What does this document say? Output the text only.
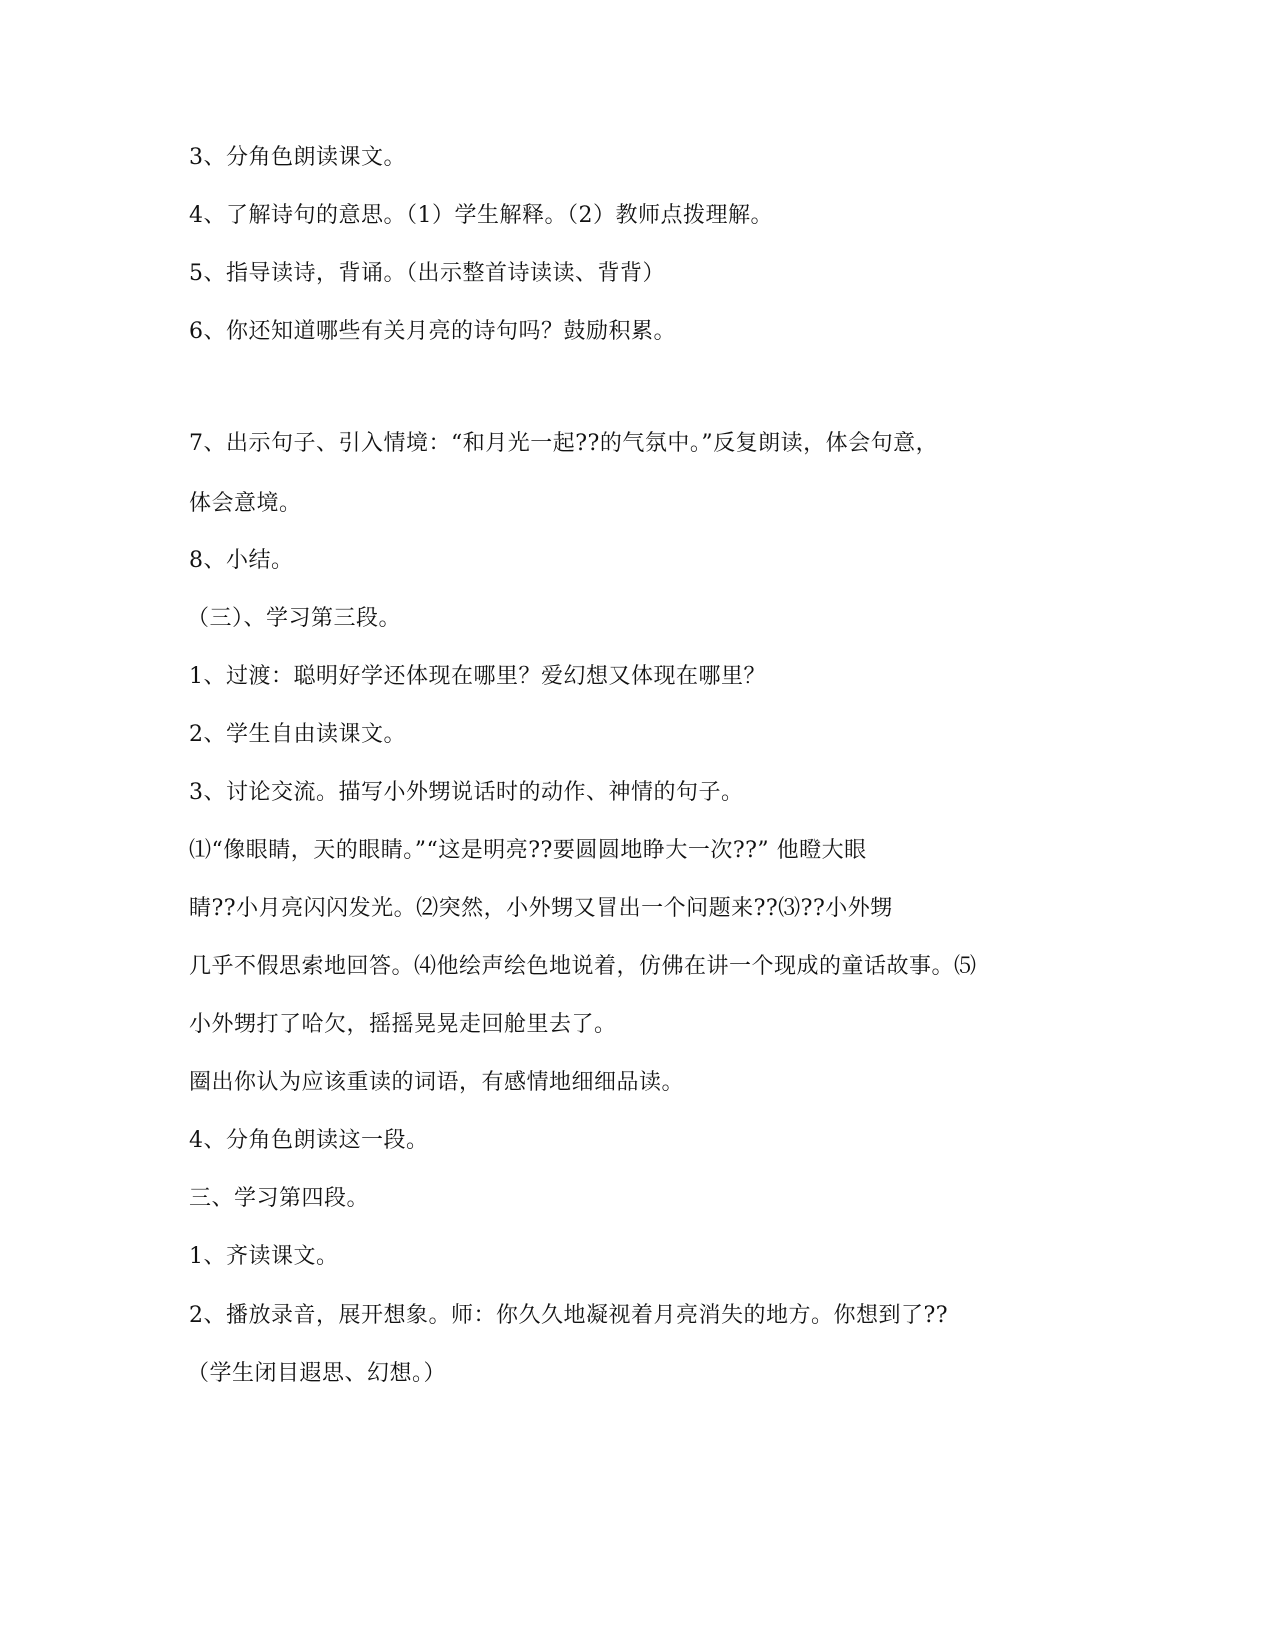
3、分角色朗读课文。

4、了解诗句的意思。（1）学生解释。（2）教师点拨理解。

5、指导读诗，背诵。（出示整首诗读读、背背）

6、你还知道哪些有关月亮的诗句吗？鼓励积累。

7、出示句子、引入情境：“和月光一起??的气氛中。”反复朗读，体会句意，

体会意境。

8、小结。

（三）、学习第三段。

1、过渡：聪明好学还体现在哪里？爱幻想又体现在哪里？

2、学生自由读课文。

3、讨论交流。描写小外甥说话时的动作、神情的句子。

⑴“像眼睛，天的眼睛。”“这是明亮??要圆圆地睁大一次??” 他瞪大眼

睛??小月亮闪闪发光。⑵突然，小外甥又冒出一个问题来??⑶??小外甥

几乎不假思索地回答。⑷他绘声绘色地说着，仿佛在讲一个现成的童话故事。⑸

小外甥打了哈欠，摇摇晃晃走回舱里去了。

圈出你认为应该重读的词语，有感情地细细品读。

4、分角色朗读这一段。

三、学习第四段。

1、齐读课文。

2、播放录音，展开想象。师：你久久地凝视着月亮消失的地方。你想到了??

（学生闭目遐思、幻想。）
